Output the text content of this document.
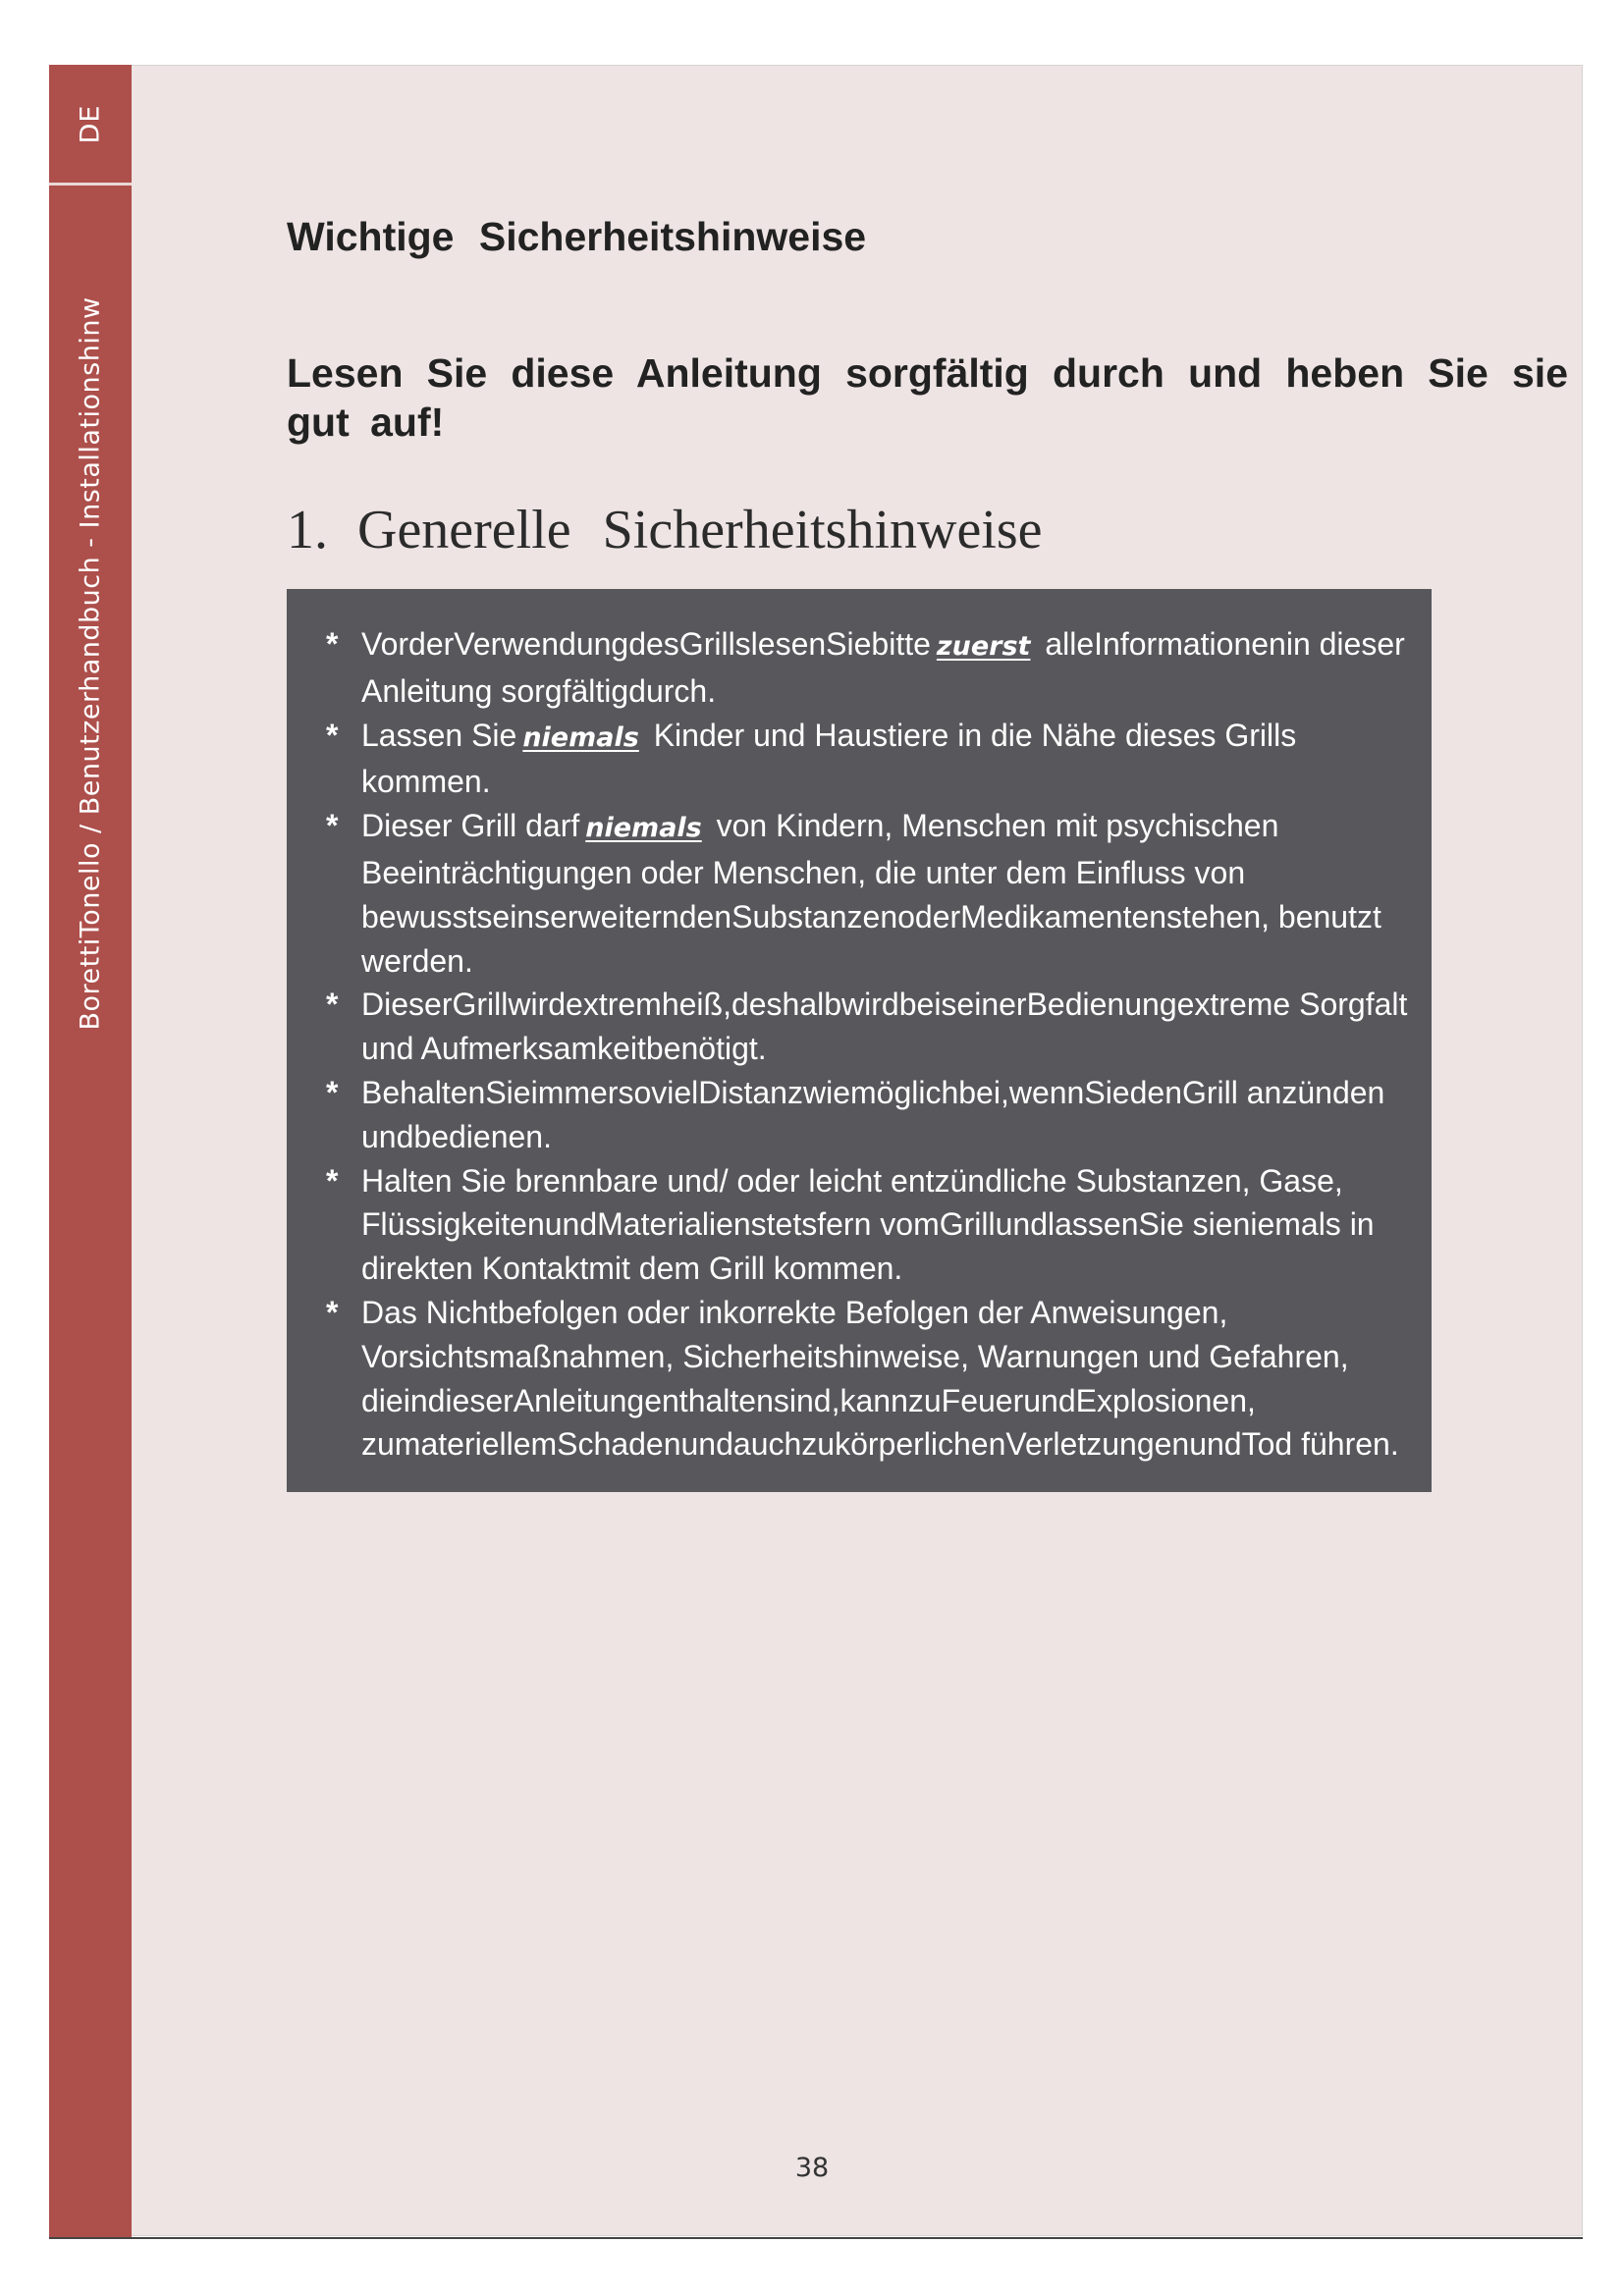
DE
BorettiTonello / Benutzerhandbuch - Installationshinw
Wichtige Sicherheitshinweise
Lesen Sie diese Anleitung sorgfältig durch und heben Sie sie gut auf!
1. Generelle Sicherheitshinweise
* VorderVerwendungdesGrillslesenSiebitte zuerst alleInformationenin dieser Anleitung sorgfältigdurch.
* Lassen Sie niemals Kinder und Haustiere in die Nähe dieses Grills kommen.
* Dieser Grill darf niemals von Kindern, Menschen mit psychischen Beeinträchtigungen oder Menschen, die unter dem Einfluss von bewusstseinserweiterndenSubstanzenoderMedikamentenstehen, benutzt werden.
* DieserGrillwirdextremheiß,deshalbwirdbeiseinerBedienungextreme Sorgfalt und Aufmerksamkeitbenötigt.
* BehaltenSieimmersovielDistanzwiemöglichbei,wennSiedenGrill anzünden undbedienen.
* Halten Sie brennbare und/ oder leicht entzündliche Substanzen, Gase, FlüssigkeitenundMaterialienstetsfern vomGrillundlassenSie sieniemals in direkten Kontaktmit dem Grill kommen.
* Das Nichtbefolgen oder inkorrekte Befolgen der Anweisungen, Vorsichtsmaßnahmen, Sicherheitshinweise, Warnungen und Gefahren, dieindieserAnleitungenthaltensind,kannzuFeuerundExplosionen, zumateriellemSchadenundauchzukörperlichenVerletzungenundTod führen.
38
